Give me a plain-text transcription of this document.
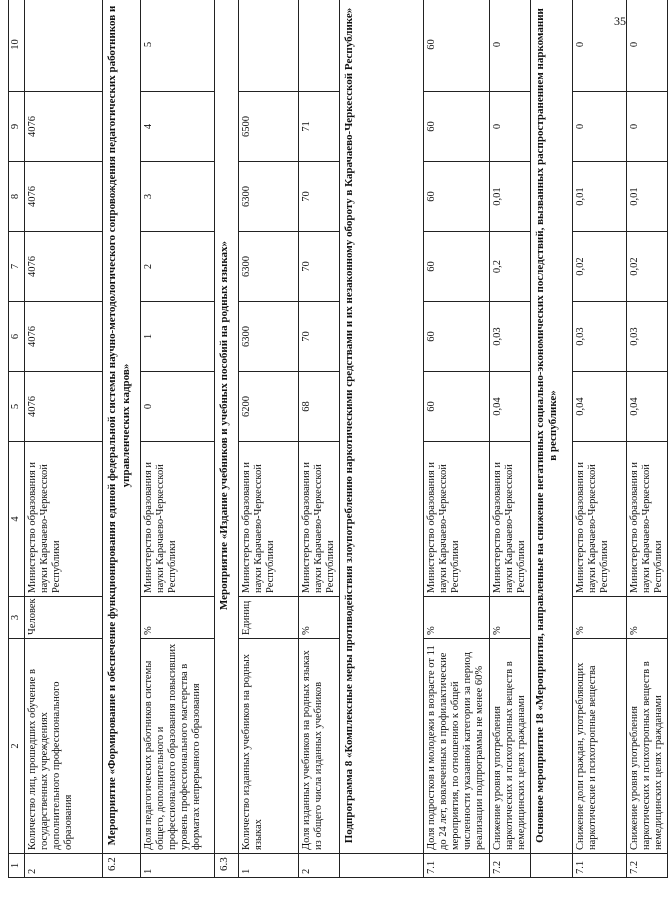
35
1	2	3	4	5	6	7	8	9	10
2	Количество лиц, прошедших обучение в государственных учреждениях дополнительного профессионального образования	Человек	Министерство образования и науки Карачаево-Черкесской Республики	4076	4076	4076	4076	4076	
6.2	Мероприятие «Формирование и обеспечение функционирования единой федеральной системы научно-методологического сопровождения педагогических работников и управленческих кадров»								
1	Доля педагогических работников системы общего, дополнительного и профессионального образования повысивших уровень профессионального мастерства в форматах непрерывного образования	%	Министерство образования и науки Карачаево-Черкесской Республики	0	1	2	3	4	5
6.3	Мероприятие «Издание учебников и учебных пособий на родных языках»								
1	Количество изданных учебников на родных языках	Единиц	Министерство образования и науки Карачаево-Черкесской Республики	6200	6300	6300	6300	6500	
2	Доля изданных учебников на родных языках из общего числа изданных учебников	%	Министерство образования и науки Карачаево-Черкесской Республики	68	70	70	70	71	
	Подпрограмма 8 «Комплексные меры противодействия злоупотреблению наркотическими средствами и их незаконному обороту в Карачаево-Черкесской Республике»								
7.1	Доля подростков и молодежи в возрасте от 11 до 24 лет, вовлеченных в профилактические мероприятия, по отношению к общей численности указанной категории за период реализации подпрограммы не менее 60%	%	Министерство образования и науки Карачаево-Черкесской Республики	60	60	60	60	60	60
7.2	Снижение уровня употребления наркотических и психотропных веществ в немедицинских целях гражданами	%	Министерство образования и науки Карачаево-Черкесской Республики	0,04	0,03	0,2	0,01	0	0
	Основное мероприятие 18 «Мероприятия, направленные на снижение негативных социально-экономических последствий, вызванных распространением наркомании в республике»								
7.1	Снижение доли граждан, употребляющих наркотические и психотропные вещества	%	Министерство образования и науки Карачаево-Черкесской Республики	0,04	0,03	0,02	0,01	0	0
7.2	Снижение уровня употребления наркотических и психотропных веществ в немедицинских целях гражданами	%	Министерство образования и науки Карачаево-Черкесской Республики	0,04	0,03	0,02	0,01	0	0
